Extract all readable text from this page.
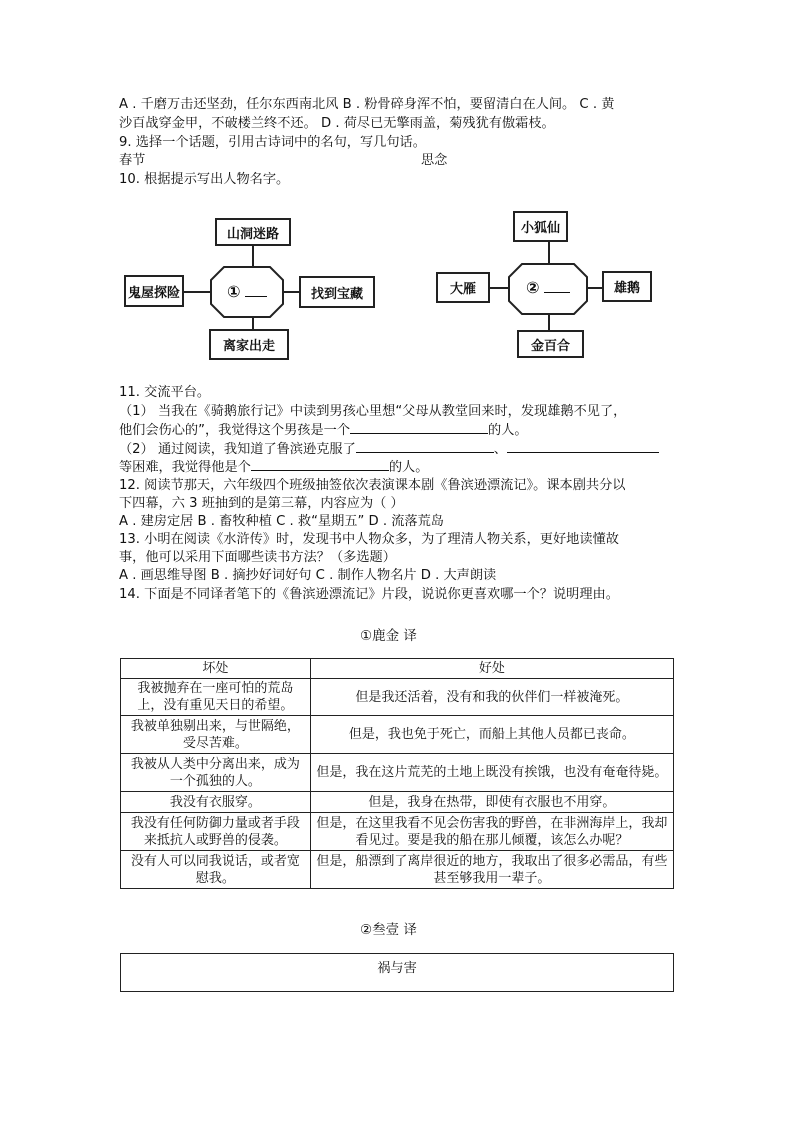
A . 千磨万击还坚劲，任尔东西南北风 B . 粉骨碎身浑不怕，要留清白在人间。 C . 黄
沙百战穿金甲，不破楼兰终不还。 D . 荷尽已无擎雨盖，菊残犹有傲霜枝。
9. 选择一个话题，引用古诗词中的名句，写几句话。
春节	思念
10. 根据提示写出人物名字。
①
山洞迷路
鬼屋探险	找到宝藏
离家出走
②
小狐仙
大雁	雄鹅
金百合
11. 交流平台。
（1） 当我在《骑鹅旅行记》中读到男孩心里想“父母从教堂回来时，发现雄鹅不见了，
他们会伤心的”，我觉得这个男孩是一个	的人。
（2） 通过阅读，我知道了鲁滨逊克服了	、
等困难，我觉得他是个	的人。
12. 阅读节那天，六年级四个班级抽签依次表演课本剧《鲁滨逊漂流记》。课本剧共分以
下四幕，六 3 班抽到的是第三幕，内容应为（ ）
A . 建房定居 B . 畜牧种植 C . 救“星期五” D . 流落荒岛
13. 小明在阅读《水浒传》时，发现书中人物众多，为了理清人物关系，更好地读懂故
事，他可以采用下面哪些读书方法？（多选题）
A . 画思维导图 B . 摘抄好词好句 C . 制作人物名片 D . 大声朗读
14. 下面是不同译者笔下的《鲁滨逊漂流记》片段，说说你更喜欢哪一个？说明理由。
①鹿金 译
坏处	好处
我被抛弃在一座可怕的荒岛上，没有重见天日的希望。	但是我还活着，没有和我的伙伴们一样被淹死。
我被单独剔出来，与世隔绝，受尽苦难。	但是，我也免于死亡，而船上其他人员都已丧命。
我被从人类中分离出来，成为一个孤独的人。	但是，我在这片荒芜的土地上既没有挨饿，也没有奄奄待毙。
我没有衣服穿。	但是，我身在热带，即使有衣服也不用穿。
我没有任何防御力量或者手段来抵抗人或野兽的侵袭。	但是，在这里我看不见会伤害我的野兽，在非洲海岸上，我却看见过。要是我的船在那儿倾覆，该怎么办呢？
没有人可以同我说话，或者宽慰我。	但是，船漂到了离岸很近的地方，我取出了很多必需品，有些甚至够我用一辈子。
②叁壹 译
祸与害
